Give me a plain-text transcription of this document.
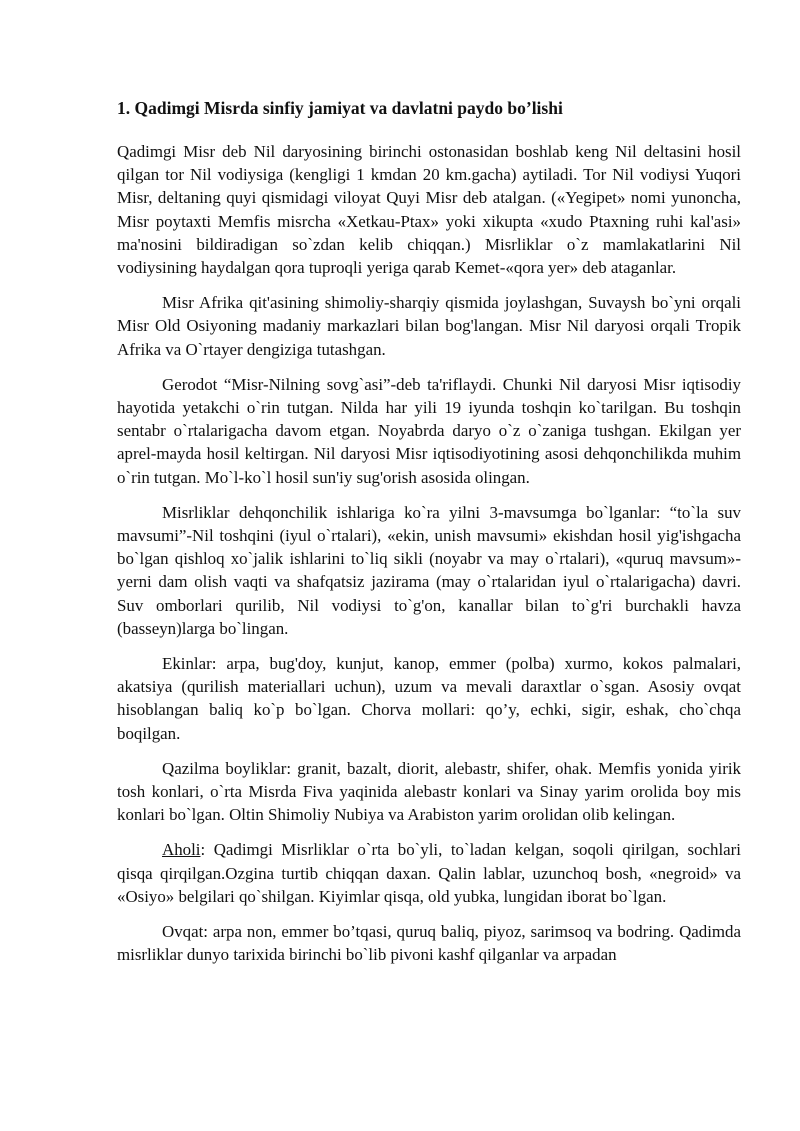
1. Qadimgi Misrda sinfiy jamiyat va davlatni paydo bo’lishi

Qadimgi Misr deb Nil daryosining birinchi ostonasidan boshlab keng Nil deltasini hosil qilgan tor Nil vodiysiga (kengligi 1 kmdan 20 km.gacha) aytiladi. Tor Nil vodiysi Yuqori Misr, deltaning quyi qismidagi viloyat Quyi Misr deb atalgan. («Yegipet» nomi yunoncha, Misr poytaxti Memfis misrcha «Xetkau-Ptax» yoki xikupta «xudo Ptaxning ruhi kal'asi» ma'nosini bildiradigan so`zdan kelib chiqqan.) Misrliklar o`z mamlakatlarini Nil vodiysining haydalgan qora tuproqli yeriga qarab Kemet-«qora yer» deb ataganlar.

Misr Afrika qit'asining shimoliy-sharqiy qismida joylashgan, Suvaysh bo`yni orqali Misr Old Osiyoning madaniy markazlari bilan bog'langan. Misr Nil daryosi orqali Tropik Afrika va O`rtayer dengiziga tutashgan.

Gerodot “Misr-Nilning sovg`asi”-deb ta'riflaydi. Chunki Nil daryosi Misr iqtisodiy hayotida yetakchi o`rin tutgan. Nilda har yili 19 iyunda toshqin ko`tarilgan. Bu toshqin sentabr o`rtalarigacha davom etgan. Noyabrda daryo o`z o`zaniga tushgan. Ekilgan yer aprel-mayda hosil keltirgan. Nil daryosi Misr iqtisodiyotining asosi dehqonchilikda muhim o`rin tutgan. Mo`l-ko`l hosil sun'iy sug'orish asosida olingan.

Misrliklar dehqonchilik ishlariga ko`ra yilni 3-mavsumga bo`lganlar: “to`la suv mavsumi”-Nil toshqini (iyul o`rtalari), «ekin, unish mavsumi» ekishdan hosil yig'ishgacha bo`lgan qishloq xo`jalik ishlarini to`liq sikli (noyabr va may o`rtalari), «quruq mavsum»-yerni dam olish vaqti va shafqatsiz jazirama (may o`rtalaridan iyul o`rtalarigacha) davri. Suv omborlari qurilib, Nil vodiysi to`g'on, kanallar bilan to`g'ri burchakli havza (basseyn)larga bo`lingan.

Ekinlar: arpa, bug'doy, kunjut, kanop, emmer (polba) xurmo, kokos palmalari, akatsiya (qurilish materiallari uchun), uzum va mevali daraxtlar o`sgan. Asosiy ovqat hisoblangan baliq ko`p bo`lgan. Chorva mollari: qo’y, echki, sigir, eshak, cho`chqa boqilgan.

Qazilma boyliklar: granit, bazalt, diorit, alebastr, shifer, ohak. Memfis yonida yirik tosh konlari, o`rta Misrda Fiva yaqinida alebastr konlari va Sinay yarim orolida boy mis konlari bo`lgan. Oltin Shimoliy Nubiya va Arabiston yarim orolidan olib kelingan.

Aholi: Qadimgi Misrliklar o`rta bo`yli, to`ladan kelgan, soqoli qirilgan, sochlari qisqa qirqilgan.Ozgina turtib chiqqan daxan. Qalin lablar, uzunchoq bosh, «negroid» va «Osiyo» belgilari qo`shilgan. Kiyimlar qisqa, old yubka, lungidan iborat bo`lgan.

Ovqat: arpa non, emmer bo’tqasi, quruq baliq, piyoz, sarimsoq va bodring. Qadimda misrliklar dunyo tarixida birinchi bo`lib pivoni kashf qilganlar va arpadan
